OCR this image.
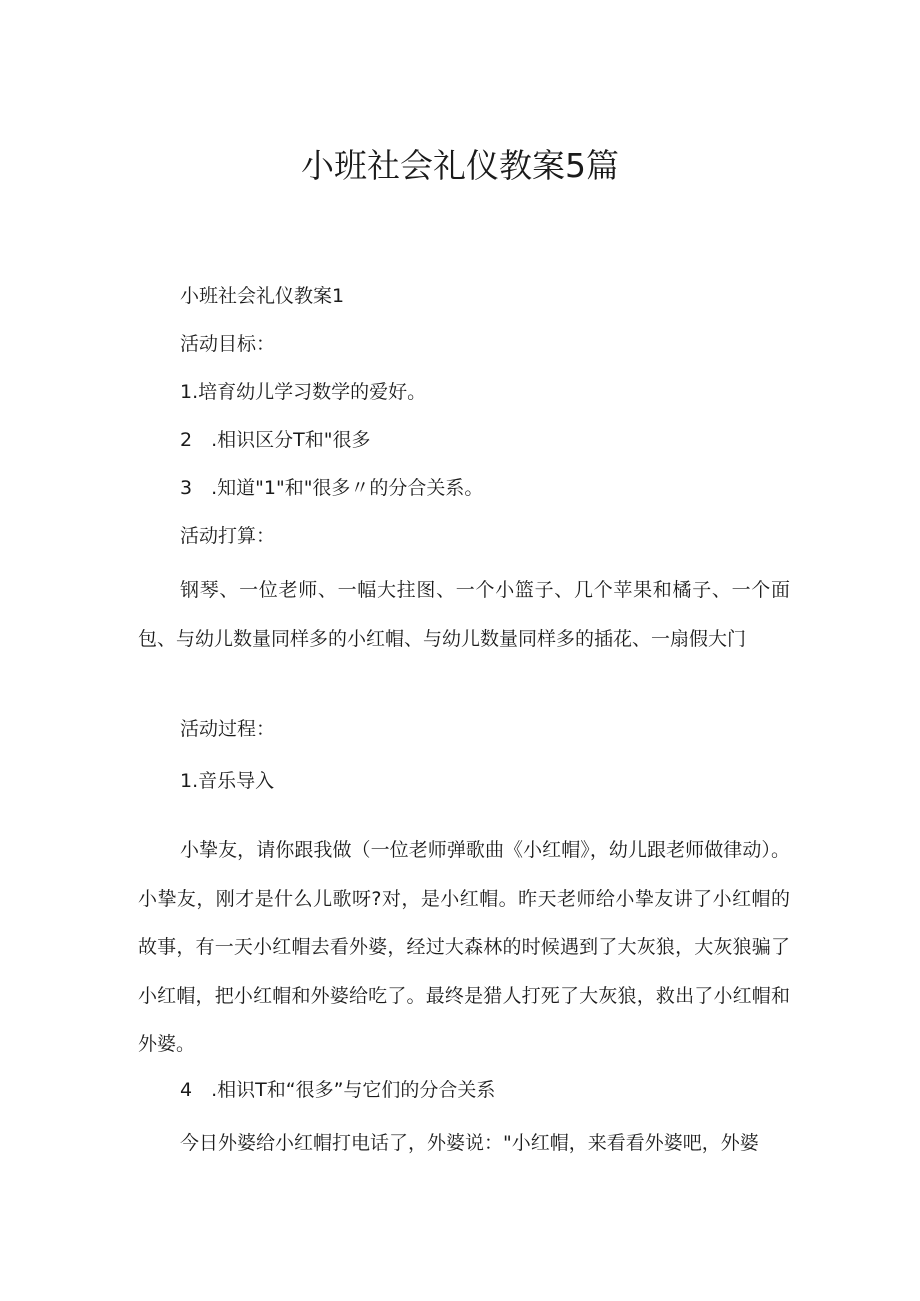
小班社会礼仪教案5篇
小班社会礼仪教案1
活动目标：
1.培育幼儿学习数学的爱好。
2　.相识区分T和"很多
3　.知道"1"和"很多〃的分合关系。
活动打算：
钢琴、一位老师、一幅大拄图、一个小篮子、几个苹果和橘子、一个面包、与幼儿数量同样多的小红帽、与幼儿数量同样多的插花、一扇假大门
活动过程：
1.音乐导入
小挚友，请你跟我做（一位老师弹歌曲《小红帽》，幼儿跟老师做律动）。小挚友，刚才是什么儿歌呀?对，是小红帽。昨天老师给小挚友讲了小红帽的故事，有一天小红帽去看外婆，经过大森林的时候遇到了大灰狼，大灰狼骗了小红帽，把小红帽和外婆给吃了。最终是猎人打死了大灰狼，救出了小红帽和外婆。
4　.相识T和“很多”与它们的分合关系
今日外婆给小红帽打电话了，外婆说："小红帽，来看看外婆吧，外婆
